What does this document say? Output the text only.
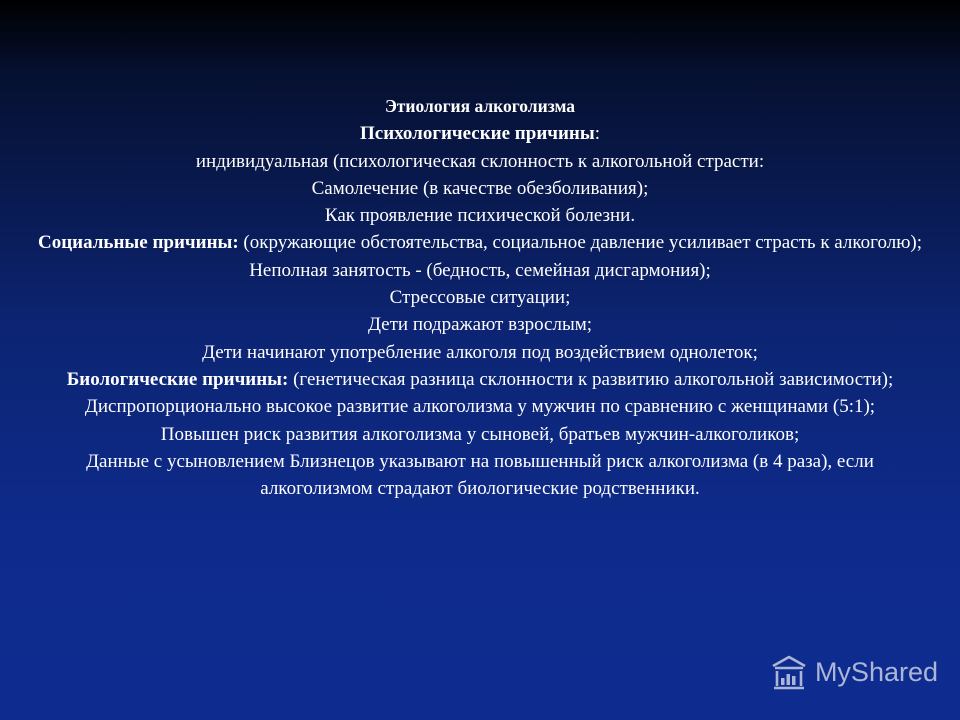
Этиология алкоголизма

Психологические причины:

индивидуальная (психологическая склонность к алкогольной страсти:

Самолечение (в качестве обезболивания);

Как проявление психической болезни.

Социальные причины: (окружающие обстоятельства, социальное давление усиливает страсть к алкоголю);

Неполная занятость - (бедность, семейная дисгармония);

Стрессовые ситуации;

Дети подражают взрослым;

Дети начинают употребление алкоголя под воздействием однолеток;

Биологические причины: (генетическая разница склонности к развитию алкогольной зависимости);

Диспропорционально высокое развитие алкоголизма у мужчин по сравнению с женщинами (5:1);

Повышен риск развития алкоголизма у сыновей, братьев мужчин-алкоголиков;

Данные с усыновлением Близнецов указывают на повышенный риск алкоголизма (в 4 раза), если алкоголизмом страдают биологические родственники.

MyShared
